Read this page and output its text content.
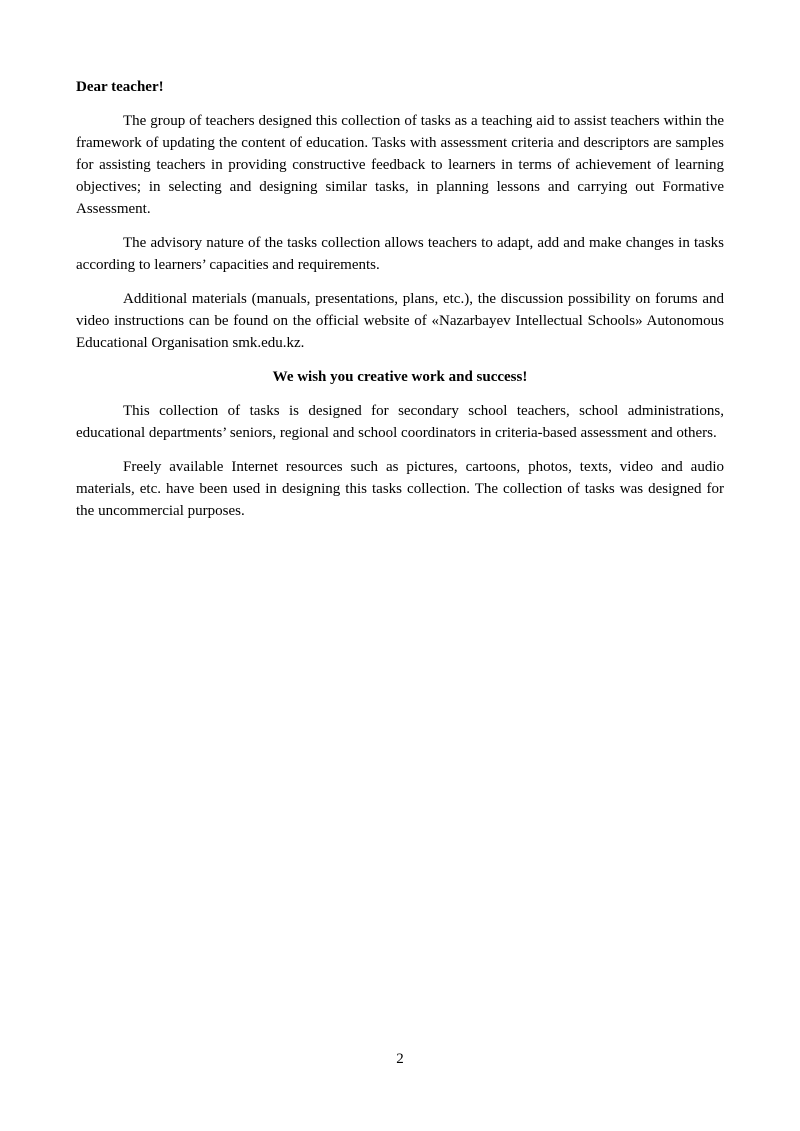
Dear teacher!

The group of teachers designed this collection of tasks as a teaching aid to assist teachers within the framework of updating the content of education. Tasks with assessment criteria and descriptors are samples for assisting teachers in providing constructive feedback to learners in terms of achievement of learning objectives; in selecting and designing similar tasks, in planning lessons and carrying out Formative Assessment.

The advisory nature of the tasks collection allows teachers to adapt, add and make changes in tasks according to learners’ capacities and requirements.

Additional materials (manuals, presentations, plans, etc.), the discussion possibility on forums and video instructions can be found on the official website of «Nazarbayev Intellectual Schools» Autonomous Educational Organisation smk.edu.kz.

We wish you creative work and success!

This collection of tasks is designed for secondary school teachers, school administrations, educational departments’ seniors, regional and school coordinators in criteria-based assessment and others.

Freely available Internet resources such as pictures, cartoons, photos, texts, video and audio materials, etc. have been used in designing this tasks collection. The collection of tasks was designed for the uncommercial purposes.

2
